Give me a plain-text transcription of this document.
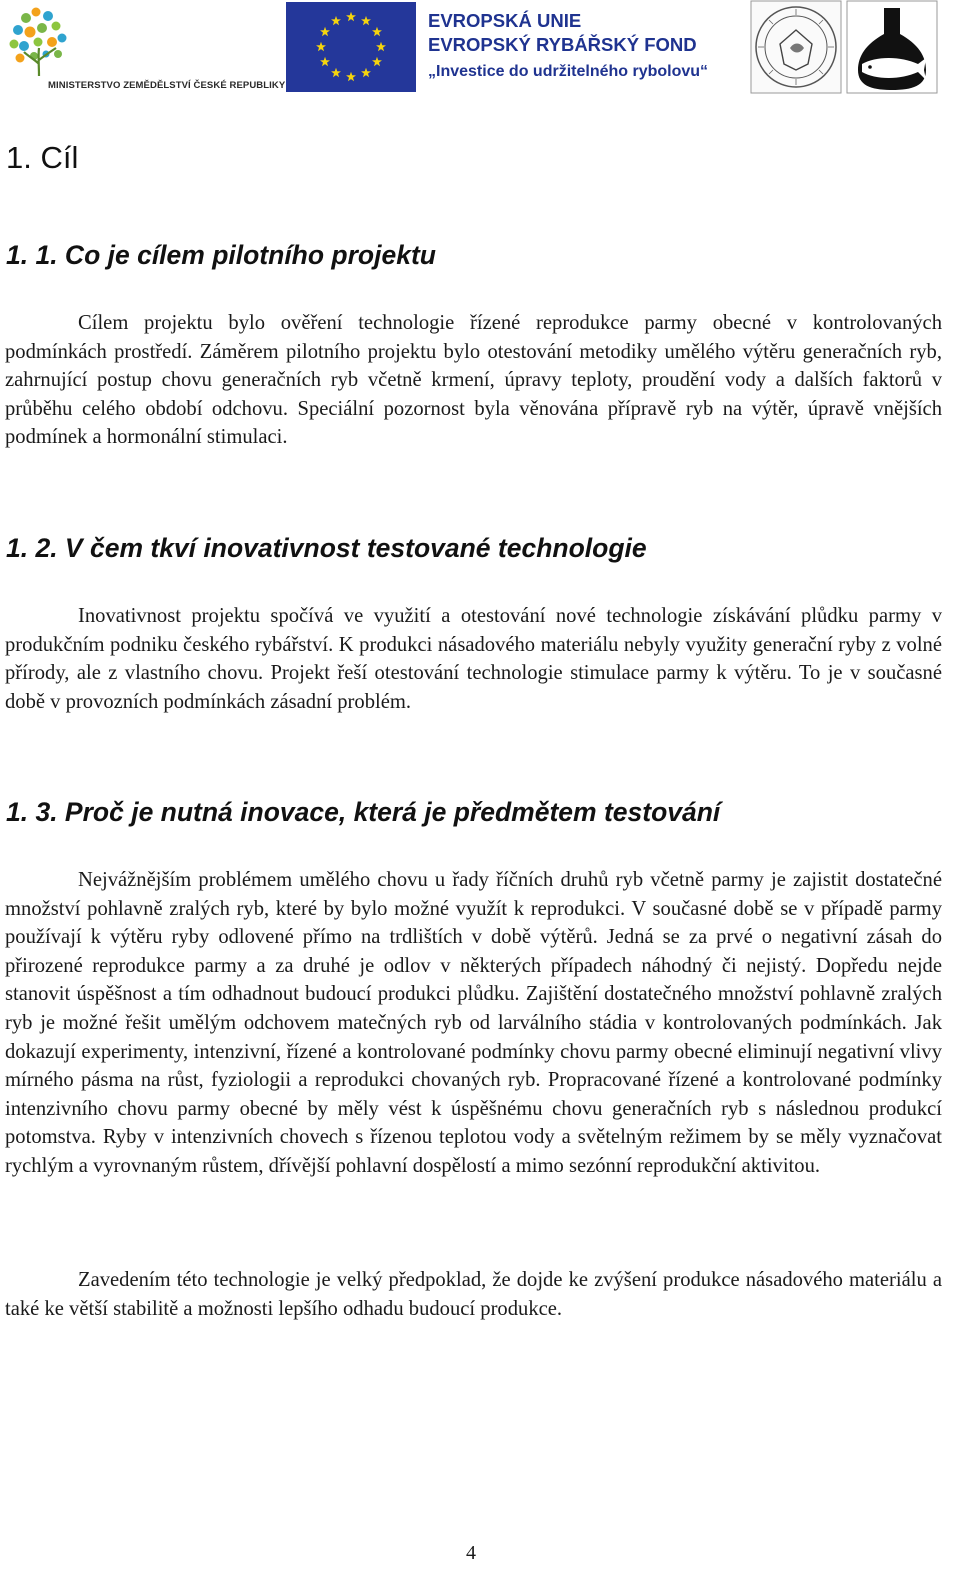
MINISTERSTVO ZEMĚDĚLSTVÍ ČESKÉ REPUBLIKY
EVROPSKÁ UNIE
EVROPSKÝ RYBÁŘSKÝ FOND
„Investice do udržitelného rybolovu“
1. Cíl
1. 1. Co je cílem pilotního projektu

Cílem projektu bylo ověření technologie řízené reprodukce parmy obecné v kontrolovaných podmínkách prostředí. Záměrem pilotního projektu bylo otestování metodiky umělého výtěru generačních ryb, zahrnující postup chovu generačních ryb včetně krmení, úpravy teploty, proudění vody a dalších faktorů v průběhu celého období odchovu. Speciální pozornost byla věnována přípravě ryb na výtěr, úpravě vnějších podmínek a hormonální stimulaci.

1. 2. V čem tkví inovativnost testované technologie

Inovativnost projektu spočívá ve využití a otestování nové technologie získávání plůdku parmy v produkčním podniku českého rybářství. K produkci násadového materiálu nebyly využity generační ryby z volné přírody, ale z vlastního chovu. Projekt řeší otestování technologie stimulace parmy k výtěru. To je v současné době v provozních podmínkách zásadní problém.

1. 3. Proč je nutná inovace, která je předmětem testování

Nejvážnějším problémem umělého chovu u řady říčních druhů ryb včetně parmy je zajistit dostatečné množství pohlavně zralých ryb, které by bylo možné využít k reprodukci. V současné době se v případě parmy používají k výtěru ryby odlovené přímo na trdlištích v době výtěrů. Jedná se za prvé o negativní zásah do přirozené reprodukce parmy a za druhé je odlov v některých případech náhodný či nejistý. Dopředu nejde stanovit úspěšnost a tím odhadnout budoucí produkci plůdku. Zajištění dostatečného množství pohlavně zralých ryb je možné řešit umělým odchovem matečných ryb od larválního stádia v kontrolovaných podmínkách. Jak dokazují experimenty, intenzivní, řízené a kontrolované podmínky chovu parmy obecné eliminují negativní vlivy mírného pásma na růst, fyziologii a reprodukci chovaných ryb. Propracované řízené a kontrolované podmínky intenzivního chovu parmy obecné by měly vést k úspěšnému chovu generačních ryb s následnou produkcí potomstva. Ryby v intenzivních chovech s řízenou teplotou vody a světelným režimem by se měly vyznačovat rychlým a vyrovnaným růstem, dřívější pohlavní dospělostí a mimo sezónní reprodukční aktivitou.

Zavedením této technologie je velký předpoklad, že dojde ke zvýšení produkce násadového materiálu a také ke větší stabilitě a možnosti lepšího odhadu budoucí produkce.

4
